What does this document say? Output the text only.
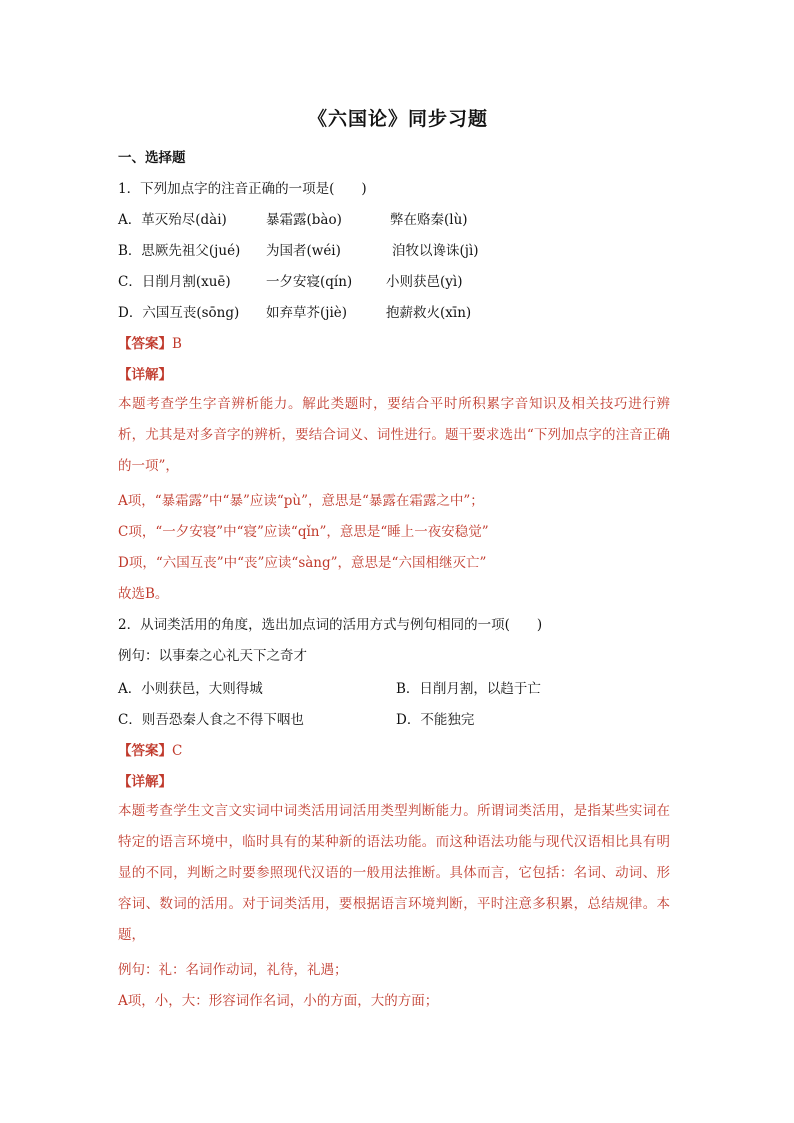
《六国论》同步习题
一、选择题
1．下列加点字的注音正确的一项是(　　)
A．革灭殆尽(dài)	暴霜露(bào)	弊在赂秦(lù)
B．思厥先祖父(jué) 为国者(wéi)	洎牧以谗诛(jì)
C．日削月割(xuē)	一夕安寝(qín)	小则获邑(yì)
D．六国互丧(sōng) 如弃草芥(jiè)	抱薪救火(xīn)
【答案】B
【详解】
本题考查学生字音辨析能力。解此类题时，要结合平时所积累字音知识及相关技巧进行辨析，尤其是对多音字的辨析，要结合词义、词性进行。题干要求选出“下列加点字的注音正确的一项”，
A项，“暴霜露”中“暴”应读“pù”，意思是“暴露在霜露之中”；
C项，“一夕安寝”中“寝”应读“qǐn”，意思是“睡上一夜安稳觉”
D项，“六国互丧”中“丧”应读“sàng”，意思是“六国相继灭亡”
故选B。
2．从词类活用的角度，选出加点词的活用方式与例句相同的一项(　　)
例句：以事秦之心礼天下之奇才
A．小则获邑，大则得城	B．日削月割，以趋于亡
C．则吾恐秦人食之不得下咽也	D．不能独完
【答案】C
【详解】
本题考查学生文言文实词中词类活用词活用类型判断能力。所谓词类活用，是指某些实词在特定的语言环境中，临时具有的某种新的语法功能。而这种语法功能与现代汉语相比具有明显的不同，判断之时要参照现代汉语的一般用法推断。具体而言，它包括：名词、动词、形容词、数词的活用。对于词类活用，要根据语言环境判断，平时注意多积累，总结规律。本题，
例句：礼：名词作动词，礼待，礼遇；
A项，小，大：形容词作名词，小的方面，大的方面；
